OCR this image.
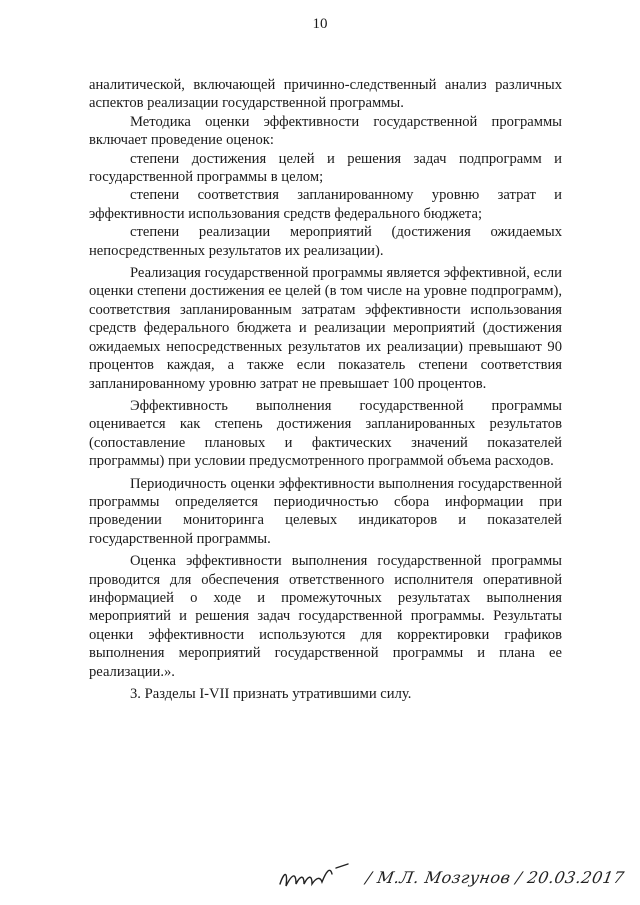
10

аналитической, включающей причинно-следственный анализ различных аспектов реализации государственной программы.

Методика оценки эффективности государственной программы включает проведение оценок:

степени достижения целей и решения задач подпрограмм и государственной программы в целом;

степени соответствия запланированному уровню затрат и эффективности использования средств федерального бюджета;

степени реализации мероприятий (достижения ожидаемых непосредственных результатов их реализации).

Реализация государственной программы является эффективной, если оценки степени достижения ее целей (в том числе на уровне подпрограмм), соответствия запланированным затратам эффективности использования средств федерального бюджета и реализации мероприятий (достижения ожидаемых непосредственных результатов их реализации) превышают 90 процентов каждая, а также если показатель степени соответствия запланированному уровню затрат не превышает 100 процентов.

Эффективность выполнения государственной программы оценивается как степень достижения запланированных результатов (сопоставление плановых и фактических значений показателей программы) при условии предусмотренного программой объема расходов.

Периодичность оценки эффективности выполнения государственной программы определяется периодичностью сбора информации при проведении мониторинга целевых индикаторов и показателей государственной программы.

Оценка эффективности выполнения государственной программы проводится для обеспечения ответственного исполнителя оперативной информацией о ходе и промежуточных результатах выполнения мероприятий и решения задач государственной программы. Результаты оценки эффективности используются для корректировки графиков выполнения мероприятий государственной программы и плана ее реализации.».

3. Разделы I-VII признать утратившими силу.

/ М.Л. Мозгунов / 20.03.2017
